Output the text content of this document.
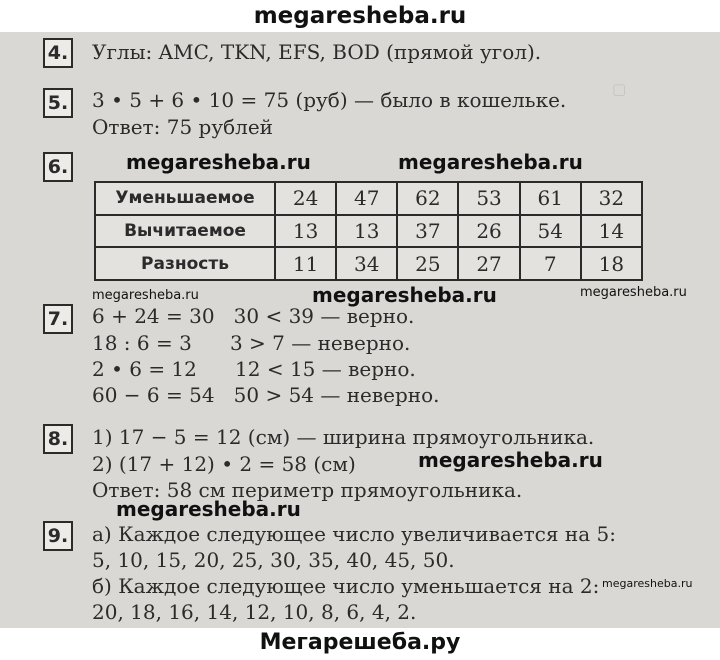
megaresheba.ru
▢
4. Углы: AMC, TKN, EFS, BOD (прямой угол).
5. 3 • 5 + 6 • 10 = 75 (руб) — было в кошельке.
Ответ: 75 рублей
6.	megaresheba.ru	megaresheba.ru
Уменьшаемое	24	47	62	53	61	32
Вычитаемое	13	13	37	26	54	14
Разность	11	34	25	27	7	18
megaresheba.ru	megaresheba.ru	megaresheba.ru
7. 6 + 24 = 30   30 < 39 — верно.
18 : 6 = 3      3 > 7 — неверно.
2 • 6 = 12      12 < 15 — верно.
60 − 6 = 54   50 > 54 — неверно.
8. 1) 17 − 5 = 12 (см) — ширина прямоугольника.
2) (17 + 12) • 2 = 58 (см)	megaresheba.ru
Ответ: 58 см периметр прямоугольника.
megaresheba.ru
9. а) Каждое следующее число увеличивается на 5:
5, 10, 15, 20, 25, 30, 35, 40, 45, 50.
б) Каждое следующее число уменьшается на 2: megaresheba.ru
20, 18, 16, 14, 12, 10, 8, 6, 4, 2.
Мегарешеба.ру
